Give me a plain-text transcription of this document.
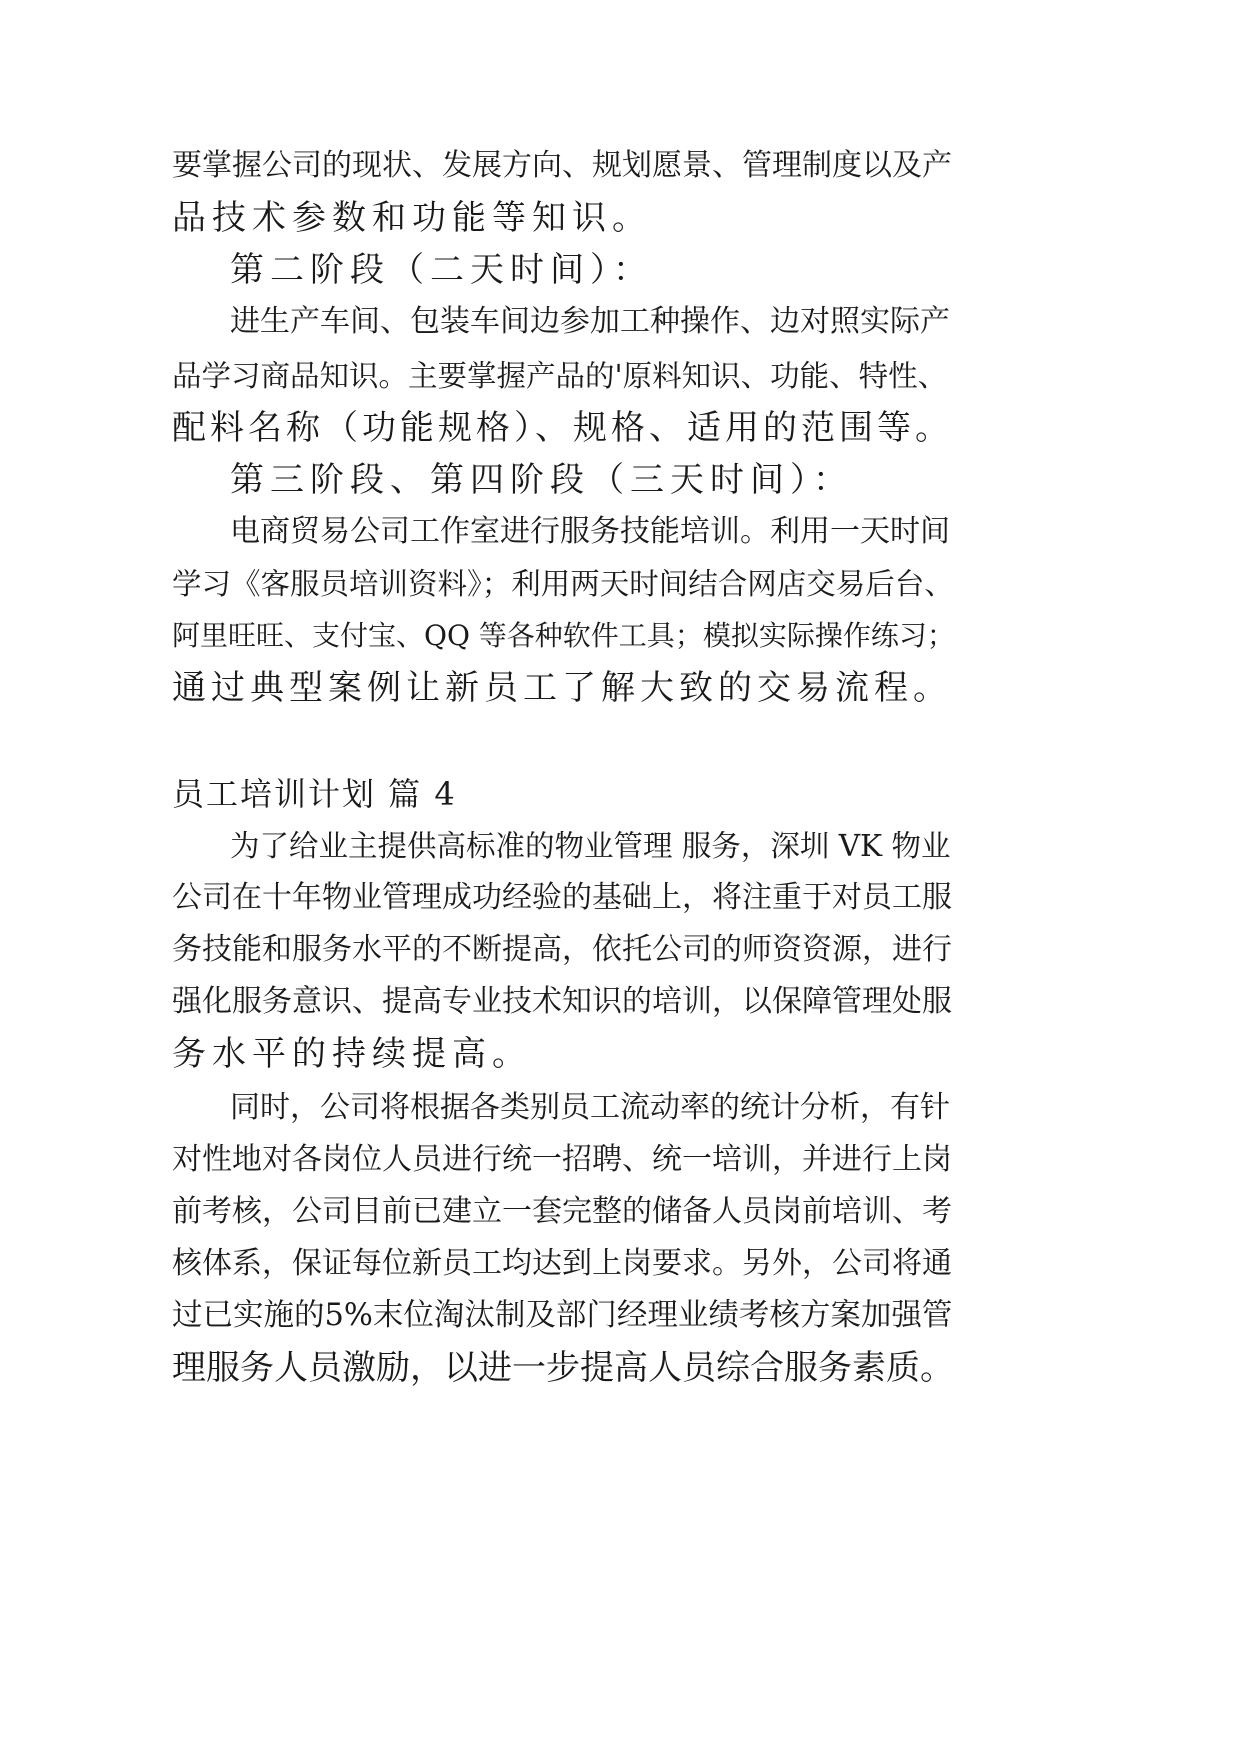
要掌握公司的现状、发展方向、规划愿景、管理制度以及产
品技术参数和功能等知识。
第二阶段（二天时间）：
进生产车间、包装车间边参加工种操作、边对照实际产
品学习商品知识。主要掌握产品的'原料知识、功能、特性、
配料名称（功能规格）、规格、适用的范围等。
第三阶段、第四阶段（三天时间）：
电商贸易公司工作室进行服务技能培训。利用一天时间
学习《客服员培训资料》；利用两天时间结合网店交易后台、
阿里旺旺、支付宝、QQ 等各种软件工具；模拟实际操作练习；
通过典型案例让新员工了解大致的交易流程。
员工培训计划 篇 4
为了给业主提供高标准的物业管理 服务，深圳 VK 物业
公司在十年物业管理成功经验的基础上，将注重于对员工服
务技能和服务水平的不断提高，依托公司的师资资源，进行
强化服务意识、提高专业技术知识的培训，以保障管理处服
务水平的持续提高。
同时，公司将根据各类别员工流动率的统计分析，有针
对性地对各岗位人员进行统一招聘、统一培训，并进行上岗
前考核，公司目前已建立一套完整的储备人员岗前培训、考
核体系，保证每位新员工均达到上岗要求。另外，公司将通
过已实施的5%末位淘汰制及部门经理业绩考核方案加强管
理服务人员激励，以进一步提高人员综合服务素质。
